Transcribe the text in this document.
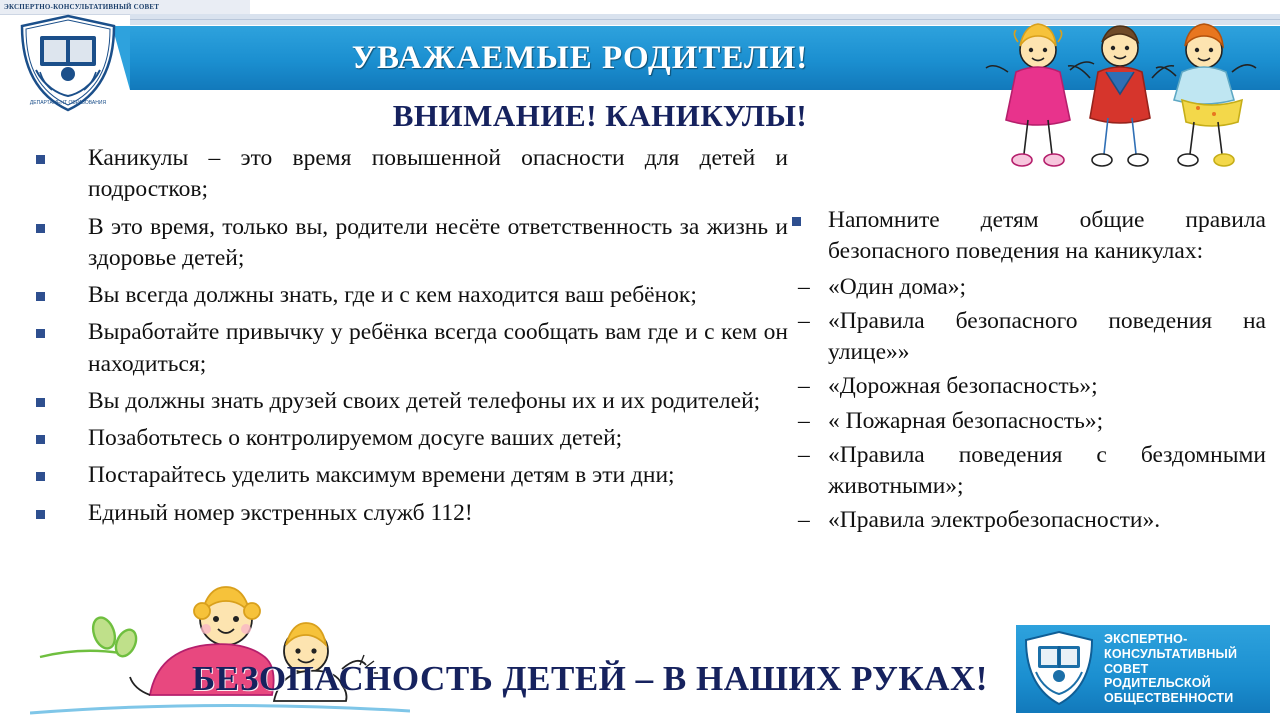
ЭКСПЕРТНО-КОНСУЛЬТАТИВНЫЙ СОВЕТ
УВАЖАЕМЫЕ РОДИТЕЛИ!
ДЕПАРТАМЕНТ ОБРАЗОВАНИЯ	ВНИМАНИЕ! КАНИКУЛЫ!
Каникулы – это время повышенной опасности для детей и подростков;
В это время, только вы, родители несёте ответственность за жизнь и здоровье детей;
Вы всегда должны знать, где и с кем находится ваш ребёнок;
Выработайте привычку у ребёнка всегда сообщать вам где и с кем он находиться;
Вы должны знать друзей своих детей телефоны их и их родителей;
Позаботьтесь о контролируемом досуге ваших детей;
Постарайтесь уделить максимум времени детям в эти дни;
Единый номер экстренных служб 112!
Напомните детям общие правила безопасного поведения на каникулах:
– «Один дома»;
– «Правила безопасного поведения на улице»»
– «Дорожная безопасность»;
– « Пожарная безопасность»;
– «Правила поведения с бездомными животными»;
– «Правила электробезопасности».
БЕЗОПАСНОСТЬ ДЕТЕЙ – В НАШИХ РУКАХ!
ЭКСПЕРТНО-
КОНСУЛЬТАТИВНЫЙ
СОВЕТ
РОДИТЕЛЬСКОЙ
ОБЩЕСТВЕННОСТИ
